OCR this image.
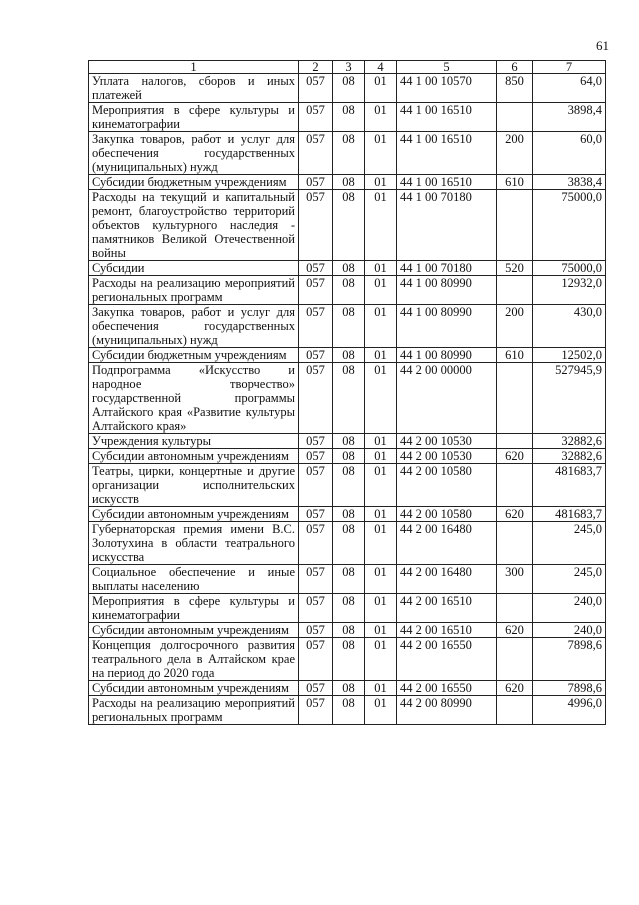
61
1	2	3	4	5	6	7
Уплата налогов, сборов и иных платежей	057	08	01	44 1 00 10570	850	64,0
Мероприятия в сфере культуры и кинематографии	057	08	01	44 1 00 16510		3898,4
Закупка товаров, работ и услуг для обеспечения государственных (муниципальных) нужд	057	08	01	44 1 00 16510	200	60,0
Субсидии бюджетным учреждениям	057	08	01	44 1 00 16510	610	3838,4
Расходы на текущий и капитальный ремонт, благоустройство территорий объектов культурного наследия - памятников Великой Отечественной войны	057	08	01	44 1 00 70180		75000,0
Субсидии	057	08	01	44 1 00 70180	520	75000,0
Расходы на реализацию мероприятий региональных программ	057	08	01	44 1 00 80990		12932,0
Закупка товаров, работ и услуг для обеспечения государственных (муниципальных) нужд	057	08	01	44 1 00 80990	200	430,0
Субсидии бюджетным учреждениям	057	08	01	44 1 00 80990	610	12502,0
Подпрограмма «Искусство и народное творчество» государственной программы Алтайского края «Развитие культуры Алтайского края»	057	08	01	44 2 00 00000		527945,9
Учреждения культуры	057	08	01	44 2 00 10530		32882,6
Субсидии автономным учреждениям	057	08	01	44 2 00 10530	620	32882,6
Театры, цирки, концертные и другие организации исполнительских искусств	057	08	01	44 2 00 10580		481683,7
Субсидии автономным учреждениям	057	08	01	44 2 00 10580	620	481683,7
Губернаторская премия имени В.С. Золотухина в области театрального искусства	057	08	01	44 2 00 16480		245,0
Социальное обеспечение и иные выплаты населению	057	08	01	44 2 00 16480	300	245,0
Мероприятия в сфере культуры и кинематографии	057	08	01	44 2 00 16510		240,0
Субсидии автономным учреждениям	057	08	01	44 2 00 16510	620	240,0
Концепция долгосрочного развития театрального дела в Алтайском крае на период до 2020 года	057	08	01	44 2 00 16550		7898,6
Субсидии автономным учреждениям	057	08	01	44 2 00 16550	620	7898,6
Расходы на реализацию мероприятий региональных программ	057	08	01	44 2 00 80990		4996,0
